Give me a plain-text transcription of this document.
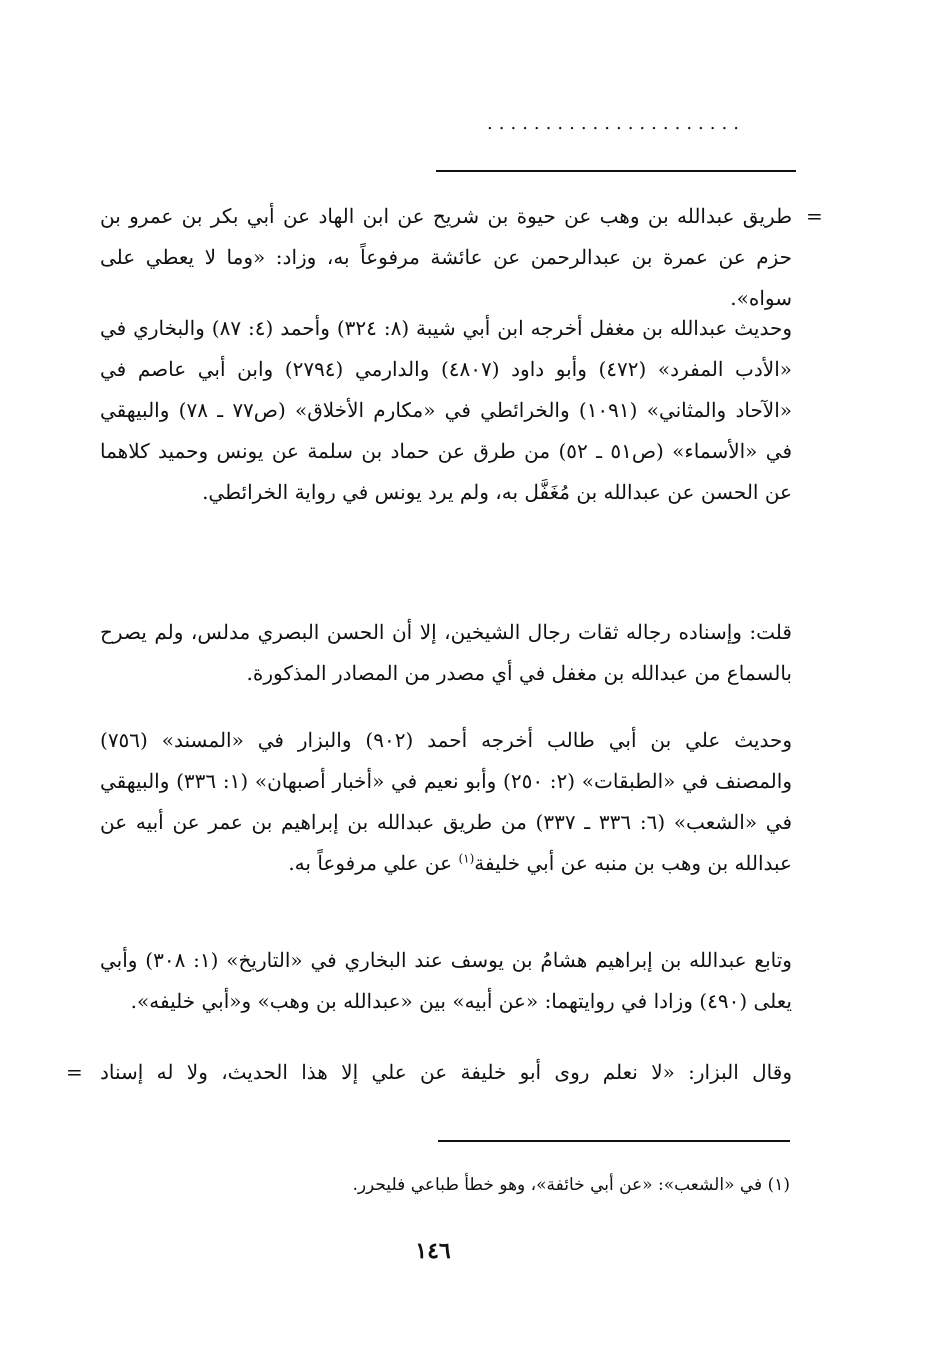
......................
=

طريق عبدالله بن وهب عن حيوة بن شريح عن ابن الهاد عن أبي بكر بن عمرو بن حزم عن عمرة بن عبدالرحمن عن عائشة مرفوعاً به، وزاد: «وما لا يعطي على سواه».

وحديث عبدالله بن مغفل أخرجه ابن أبي شيبة (٨: ٣٢٤) وأحمد (٤: ٨٧) والبخاري في «الأدب المفرد» (٤٧٢) وأبو داود (٤٨٠٧) والدارمي (٢٧٩٤) وابن أبي عاصم في «الآحاد والمثاني» (١٠٩١) والخرائطي في «مكارم الأخلاق» (ص٧٧ ـ ٧٨) والبيهقي في «الأسماء» (ص٥١ ـ ٥٢) من طرق عن حماد بن سلمة عن يونس وحميد كلاهما عن الحسن عن عبدالله بن مُغَفَّل به، ولم يرد يونس في رواية الخرائطي.

قلت: وإسناده رجاله ثقات رجال الشيخين، إلا أن الحسن البصري مدلس، ولم يصرح بالسماع من عبدالله بن مغفل في أي مصدر من المصادر المذكورة.

وحديث علي بن أبي طالب أخرجه أحمد (٩٠٢) والبزار في «المسند» (٧٥٦) والمصنف في «الطبقات» (٢: ٢٥٠) وأبو نعيم في «أخبار أصبهان» (١: ٣٣٦) والبيهقي في «الشعب» (٦: ٣٣٦ ـ ٣٣٧) من طريق عبدالله بن إبراهيم بن عمر عن أبيه عن عبدالله بن وهب بن منبه عن أبي خليفة$^{(١)}$ عن علي مرفوعاً به.

وتابع عبدالله بن إبراهيم هشامُ بن يوسف عند البخاري في «التاريخ» (١: ٣٠٨) وأبي يعلى (٤٩٠) وزادا في روايتهما: «عن أبيه» بين «عبدالله بن وهب» و«أبي خليفه».

وقال البزار: «لا نعلم روى أبو خليفة عن علي إلا هذا الحديث، ولا له إسناد

=
(١) في «الشعب»: «عن أبي خائفة»، وهو خطأ طباعي فليحرر.
١٤٦
